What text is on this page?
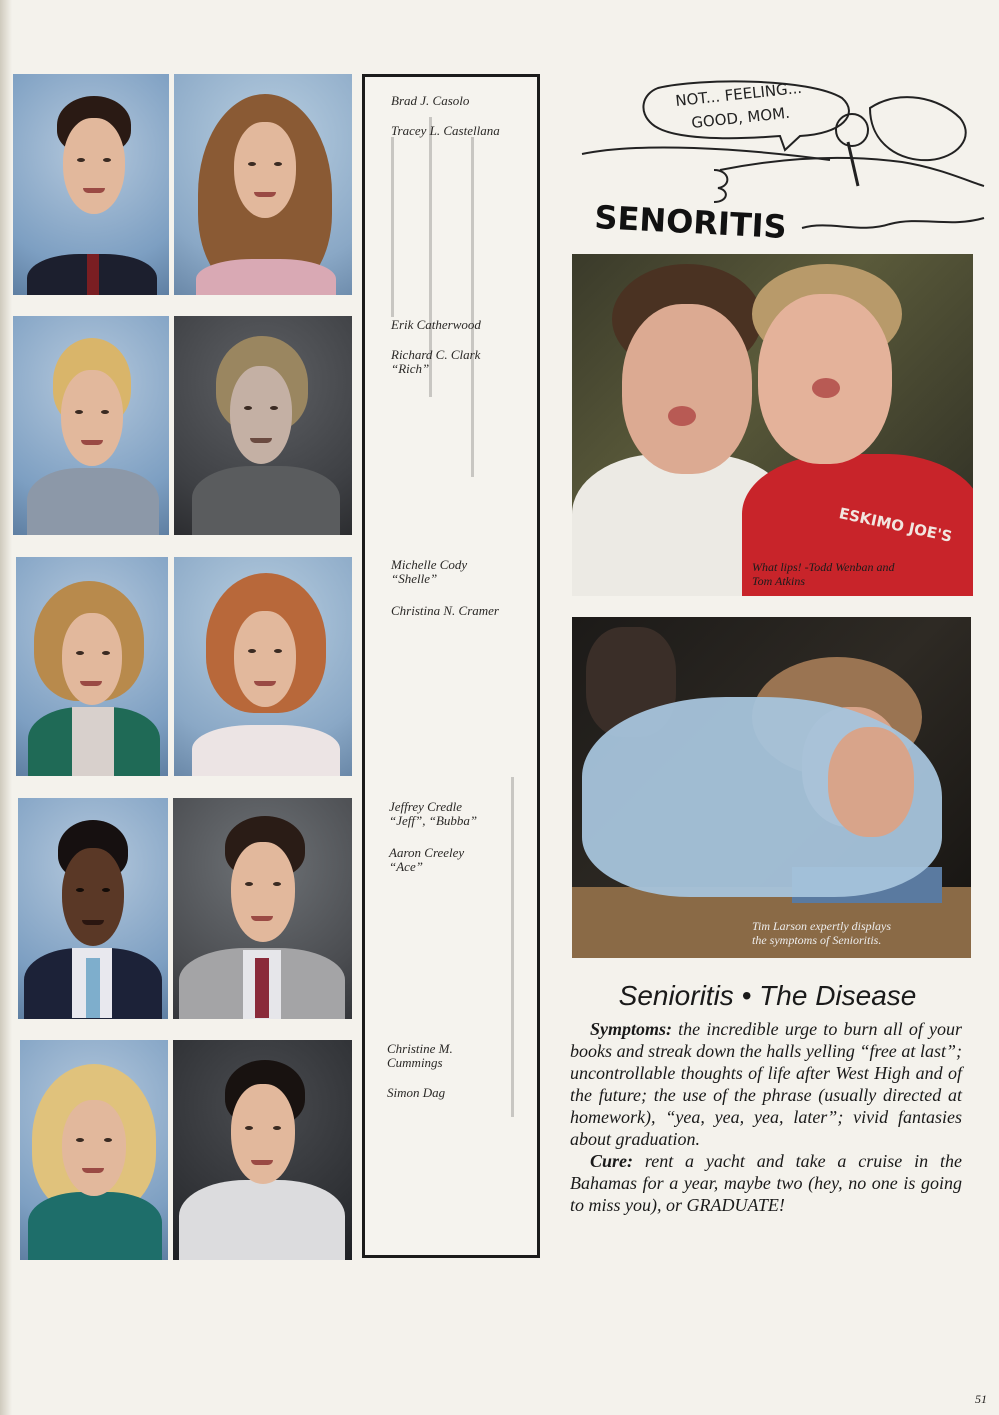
Brad J. Casolo
Tracey L. Castellana
Erik Catherwood
Richard C. Clark
“Rich”
Michelle Cody
“Shelle”
Christina N. Cramer
Jeffrey Credle
“Jeff”, “Bubba”
Aaron Creeley
“Ace”
Christine M.
Cummings
Simon Dag
NOT... FEELING...
GOOD, MOM.
SENORITIS
ESKIMO JOE'S
What lips! -Todd Wenban and
Tom Atkins
Tim Larson expertly displays
the symptoms of Senioritis.
Senioritis • The Disease

Symptoms: the incredible urge to burn all of your books and streak down the halls yelling “free at last”; uncontrollable thoughts of life after West High and of the future; the use of the phrase (usually directed at homework), “yea, yea, yea, later”; vivid fantasies about graduation.

Cure: rent a yacht and take a cruise in the Bahamas for a year, maybe two (hey, no one is going to miss you), or GRADUATE!

51
